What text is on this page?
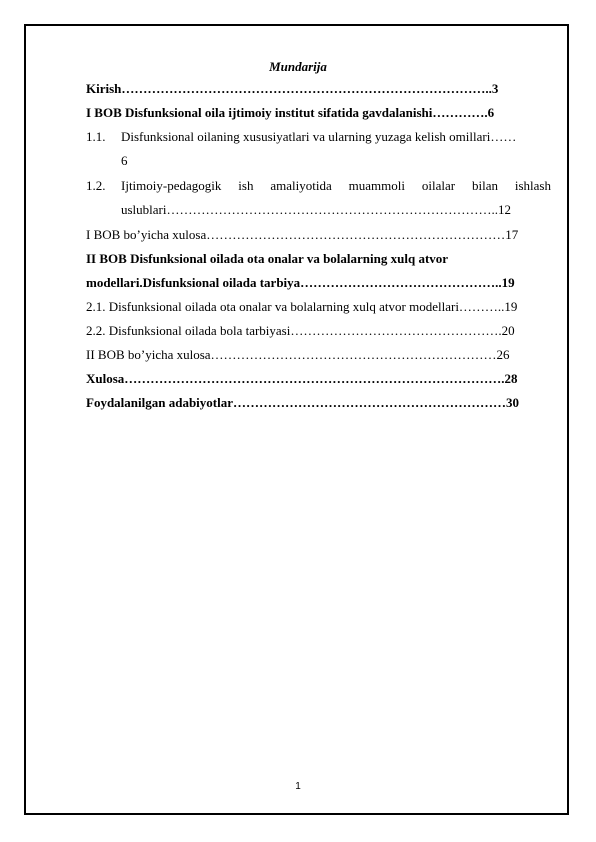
Mundarija
Kirish…………………………………………………………………………..3
I BOB Disfunksional oila ijtimoiy institut sifatida gavdalanishi………….6
1.1. Disfunksional oilaning xususiyatlari va ularning yuzaga kelish omillari……
6
1.2. Ijtimoiy-pedagogik ish amaliyotida muammoli oilalar bilan ishlash
uslublari…………………………………………………………………..12
I BOB bo’yicha xulosa……………………………………………………………17
II BOB Disfunksional oilada ota onalar va bolalarning xulq atvor
modellari.Disfunksional oilada tarbiya………………………………………..19
2.1. Disfunksional oilada ota onalar va bolalarning xulq atvor modellari………..19
2.2. Disfunksional oilada bola tarbiyasi………………………………………….20
II BOB bo’yicha xulosa…………………………………………………………26
Xulosa…………………………………………………………………………….28
Foydalanilgan adabiyotlar………………………………………………………30
1
